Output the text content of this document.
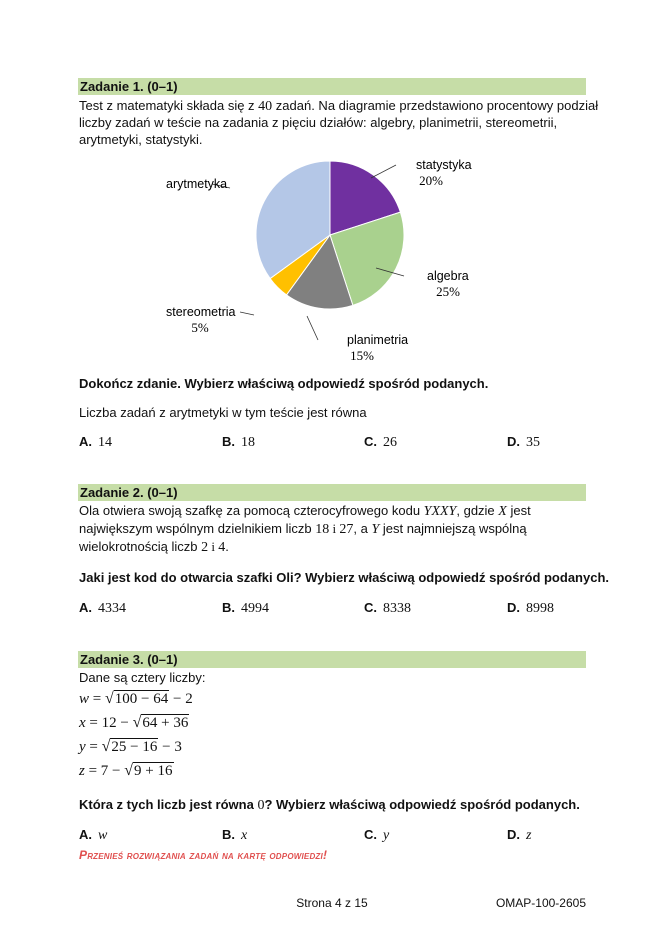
Zadanie 1. (0–1)
Test z matematyki składa się z 40 zadań. Na diagramie przedstawiono procentowy podział
liczby zadań w teście na zadania z pięciu działów: algebry, planimetrii, stereometrii,
arytmetyki, statystyki.
arytmetyka
statystyka
20%
algebra
25%
planimetria
15%
stereometria
5%
Dokończ zdanie. Wybierz właściwą odpowiedź spośród podanych.
Liczba zadań z arytmetyki w tym teście jest równa
A. 14	B. 18	C. 26	D. 35
Zadanie 2. (0–1)
Ola otwiera swoją szafkę za pomocą czterocyfrowego kodu YXXY, gdzie X jest
największym wspólnym dzielnikiem liczb 18 i 27, a Y jest najmniejszą wspólną
wielokrotnością liczb 2 i 4.
Jaki jest kod do otwarcia szafki Oli? Wybierz właściwą odpowiedź spośród podanych.
A. 4334	B. 4994	C. 8338	D. 8998
Zadanie 3. (0–1)
Dane są cztery liczby:
w = √100 − 64 − 2
x = 12 − √64 + 36
y = √25 − 16 − 3
z = 7 − √9 + 16
Która z tych liczb jest równa 0? Wybierz właściwą odpowiedź spośród podanych.
A. w	B. x	C. y	D. z
Przenieś rozwiązania zadań na kartę odpowiedzi!
Strona 4 z 15	OMAP-100-2605
